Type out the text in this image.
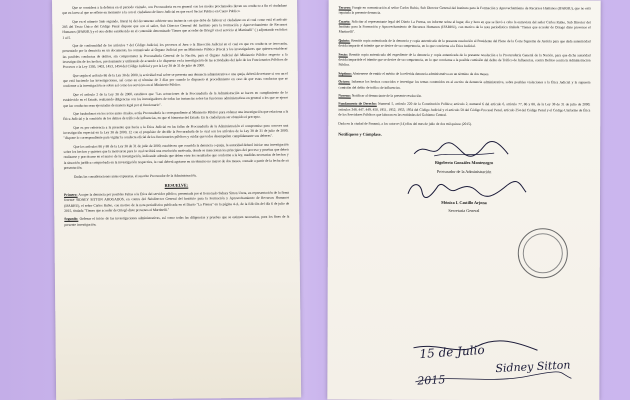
Que se considera a la defensa en el periodo visitado, con Procuradoria en en general con los modos proclamados lleven un conducto a fin el ciudadano que en lavez al que se refiere en momento a la con el ciudadano de lineo Judicial en que en el Sector Publico en Cuero Publico.

Que en el número 5mb segundo, literal b) del documento advierte una instancia con que debe de fallecer el ciudadano en el cual como está el artículo 285 del Texto Único del Código Penal dispone que con el señor, Sub Director General del Instituto para la Formación y Aprovechamiento de Recursos Humanos (IFARHU) y el otro delito establecido en el contenido denominado 'Tienes que acceder de Oriogó' en el servicio el Martinelli" ( ) adjuntando en folios 1 al 5.

Que de conformidad de los artículos 7 del Código Judicial, los procesos al Juez o la Dirección Judicial en el cual en que en conducta se invocarán, presentado por la denuncia en un documento, ha comunicado al Órgano Judicial por un Ministerio Público (Fiscal y los investigadores que quieren establecer las posibles conductas de delitos, sin comprometer la Procuraduría General de la Nación, para el Órgano Judicial del Ministerio Público respecto a la investigación de los hechos, precisamente y utilizando de acuerdo a lo dispuesto en la investigación de las actividades del lado de los Funcionarios Públicos de Procesos o la Ley 1395, 1403, 1453, 1454 del Código Judicial y por la Ley 38 de 31 de julio de 2000.

Que según el artículo 86 de la Ley 38 de 2000, la actividad está sobre se presenta una denuncia administrativa o una queja, deberá decretarse si con un el que está haciendo las investigaciones, así como en el término de 3 días por cuando lo dispuesto el procedimiento en caso de que estas conductas que se conforme a la investigación se sobre así como los servicios en el Ministerio Público.

Que el artículo 2 de la Ley 38 de 2000, establece que "Las actuaciones de la Procuraduría de la Administración se hacen en cumplimiento de lo establecido en el Estado, realizando diligencias con los investigadores de todas las instancias sobre las funciones administrativas en general a los que se ejerce que las conductas sean ejecutadas de manera legal por el funcionario".

Que basándonos en los actos antes citados, actúa Procuraduría la correspondiente al Ministerio Público para ordenar una investigación que relaciona a la Ética Judicial y la comisión de los delitos de tráfico de influencias, en que el bienestar del Estado. En la ciudad para ser obtenido el precepto.

Que es por referencia a la presente que hacia a la Ética Judicial en las fallas de Procuraduría de la Administración el compromiso para conocer una investigación especial en la Ley 38 de 2000, 12 con el propósito de decidir la Procuraduría de lo cual con los artículos de la Ley 38 de 31 de julio de 2000, "dispone lo correspondiente para vigilar la conducta oficial de los funcionarios públicos y cuidar que todos desempeñen cumplidamente sus deberes".

Que los artículos 86 y 88 de la Ley 38 de 31 de julio de 2000, establecen que ocurrida la denuncia o queja, la autoridad deberá iniciar una investigación sobre los hechos y quienes que la motivaron para lo cual recibirá una resolución motivada, donde se mencionan los principios del proceso y pruebas que deben realizarse y practicarse en el marco de la investigación, indicando además que deben vivir los resultados que conforme a la ley, medidas necesarias de hechos y la situación jurídica comprobada en la investigación respectiva, la cual deberá agotarse en un término no mayor de dos meses, contado a partir de la fecha de su presentación.

Dadas las consideraciones antes expuestas, el suscrito Procurador de la Administración,

RESUELVE:

Primero: Acoger la denuncia por posibles Faltas a la Ética del servidor público, presentada por el licenciado Sidney Sitton Ureta, en representación de la firma forense SIDNEY SITTON ABOGADOS, en contra del Subdirector General del Instituto para la Formación y Aprovechamiento de Recursos Humanos (IFARHU), el señor Carlos Rubio, con motivo de la nota periodística publicada en el Diario "La Prensa" en la página 4-A, de la Edición del día 6 de julio de 2015, titulada "Tienes que acceder de Oriogó diste provenos el Martinelli."

Segundo: Ordenar el inicio de las investigaciones administrativas, así como todas las diligencias y pruebas que se estimen necesarias, para los fines de la presente investigación.

Tercero: Fungir en comunicación al señor Carlos Rubio, Sub Director General del Instituto para la Formación y Aprovechamiento de Recursos Humanos (IFARHU), que no está reputada la presente denuncia.

Cuarto: Solicitar al representante legal del Diario La Prensa, un informe sobre el lugar, día y hora en que se llevó a cabo la entrevista del señor Carlos Rubio, Sub Director del Instituto para la Formación y Aprovechamiento de Recursos Humanos (IFARHU), con motivo de la nota periodística titulada "Tienes que acceder de Oriogó diste provenos el Martinelli".

Quinto: Remitir copia autenticada de la denuncia y copia autenticada de la presente resolución al Presidente del Pleno de la Corte Suprema de Justicia para que dada autenticidad decida impartir el trámite que se derive de su competencia, en lo que concierne a la Ética Judicial.

Sexto: Remitir copia autenticada del expediente de la denuncia y copia autenticada de la presente resolución a la Procuraduría General de la Nación, para que dicha autoridad decida impartirle el trámite que se derive de su competencia, en lo que concierne a la posible comisión del delito de Tráfico de Influencias, contra Delitos contra la Administración Pública.

Séptimo: Abstenerse de emitir el mérito de la referida denuncia administrativa en un término de dos meses.

Octavo: Informar los hechos conocidos e investigar los temas contenidos en el escrito de denuncia administrativa, sobre posibles violaciones a la Ética Judicial y la supuesta comisión del delito de tráfico de influencias.

Noveno: Notificar al denunciante de la presente resolución.

Fundamento de Derecho: Numeral 5, artículo 220 de la Constitución Política; artículo 2, numeral 6 del artículo 6, artículo 77, 86 y 88, de la Ley 38 de 31 de julio de 2000; artículos 348, 447, 449, 450, 1951, 1952, 1953, 1954 del Código Judicial y el artículo 58 del Código Procesal Penal, artículo 254 del Código Penal y el Código Uniforme de Ética de los Servidores Públicos que laboran en las entidades del Gobierno Central.

Dada en la ciudad de Panamá, a los catorce (14) días del mes de julio de dos mil quince (2015).

Notifíquese y Cúmplase.

Rigoberto González Montenegro

Procurador de la Administración

Mónica I. Castillo Arjona

Secretaria General

15 de Julio
Sidney Sitton
2015
